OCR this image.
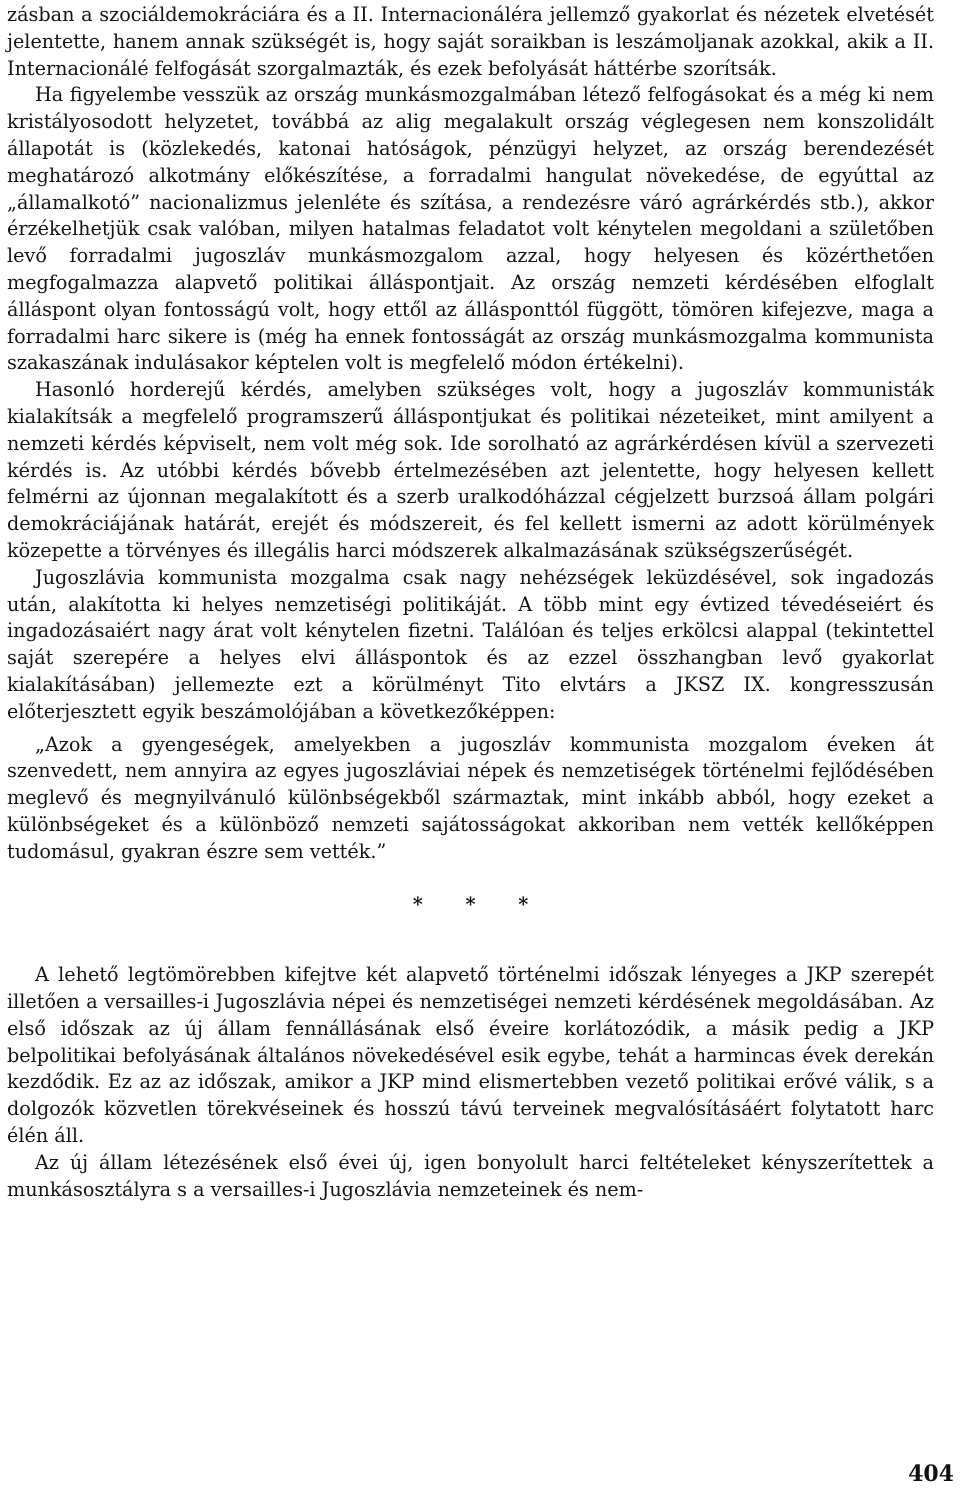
zásban a szociáldemokráciára és a II. Internacionáléra jellemző gyakorlat és nézetek elvetését jelentette, hanem annak szükségét is, hogy saját soraikban is leszámoljanak azokkal, akik a II. Internacionálé felfogását szorgalmazták, és ezek befolyását háttérbe szorítsák.

Ha figyelembe vesszük az ország munkásmozgalmában létező felfogásokat és a még ki nem kristályosodott helyzetet, továbbá az alig megalakult ország véglegesen nem konszolidált állapotát is (közlekedés, katonai hatóságok, pénzügyi helyzet, az ország berendezését meghatározó alkotmány előkészítése, a forradalmi hangulat növekedése, de egyúttal az „államalkotó” nacionalizmus jelenléte és szítása, a rendezésre váró agrárkérdés stb.), akkor érzékelhetjük csak valóban, milyen hatalmas feladatot volt kénytelen megoldani a születőben levő forradalmi jugoszláv munkásmozgalom azzal, hogy helyesen és közérthetően megfogalmazza alapvető politikai álláspontjait. Az ország nemzeti kérdésében elfoglalt álláspont olyan fontosságú volt, hogy ettől az állásponttól függött, tömören kifejezve, maga a forradalmi harc sikere is (még ha ennek fontosságát az ország munkásmozgalma kommunista szakaszának indulásakor képtelen volt is megfelelő módon értékelni).

Hasonló horderejű kérdés, amelyben szükséges volt, hogy a jugoszláv kommunisták kialakítsák a megfelelő programszerű álláspontjukat és politikai nézeteiket, mint amilyent a nemzeti kérdés képviselt, nem volt még sok. Ide sorolható az agrárkérdésen kívül a szervezeti kérdés is. Az utóbbi kérdés bővebb értelmezésében azt jelentette, hogy helyesen kellett felmérni az újonnan megalakított és a szerb uralkodóházzal cégjelzett burzsoá állam polgári demokráciájának határát, erejét és módszereit, és fel kellett ismerni az adott körülmények közepette a törvényes és illegális harci módszerek alkalmazásának szükségszerűségét.

Jugoszlávia kommunista mozgalma csak nagy nehézségek leküzdésével, sok ingadozás után, alakította ki helyes nemzetiségi politikáját. A több mint egy évtized tévedéseiért és ingadozásaiért nagy árat volt kénytelen fizetni. Találóan és teljes erkölcsi alappal (tekintettel saját szerepére a helyes elvi álláspontok és az ezzel összhangban levő gyakorlat kialakításában) jellemezte ezt a körülményt Tito elvtárs a JKSZ IX. kongresszusán előterjesztett egyik beszámolójában a következőképpen:

„Azok a gyengeségek, amelyekben a jugoszláv kommunista mozgalom éveken át szenvedett, nem annyira az egyes jugoszláviai népek és nemzetiségek történelmi fejlődésében meglevő és megnyilvánuló különbségekből származtak, mint inkább abból, hogy ezeket a különbségeket és a különböző nemzeti sajátosságokat akkoriban nem vették kellőképpen tudomásul, gyakran észre sem vették.”

* * *

A lehető legtömörebben kifejtve két alapvető történelmi időszak lényeges a JKP szerepét illetően a versailles-i Jugoszlávia népei és nemzetiségei nemzeti kérdésének megoldásában. Az első időszak az új állam fennállásának első éveire korlátozódik, a másik pedig a JKP belpolitikai befolyásának általános növekedésével esik egybe, tehát a harmincas évek derekán kezdődik. Ez az az időszak, amikor a JKP mind elismertebben vezető politikai erővé válik, s a dolgozók közvetlen törekvéseinek és hosszú távú terveinek megvalósításáért folytatott harc élén áll.

Az új állam létezésének első évei új, igen bonyolult harci feltételeket kényszerítettek a munkásosztályra s a versailles-i Jugoszlávia nemzeteinek és nem-

404
